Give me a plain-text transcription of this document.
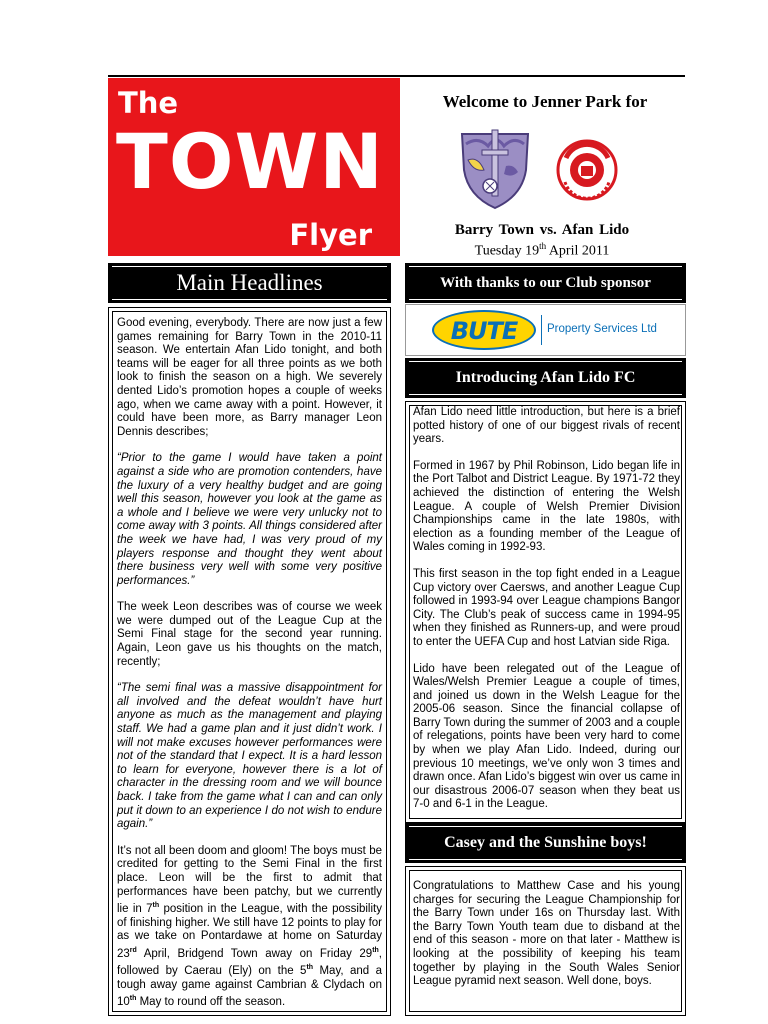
The
TOWN
Flyer
Welcome to Jenner Park for
Barry Town vs. Afan Lido
Tuesday 19th April 2011
Main Headlines

Good evening, everybody. There are now just a few games remaining for Barry Town in the 2010-11 season. We entertain Afan Lido tonight, and both teams will be eager for all three points as we both look to finish the season on a high. We severely dented Lido’s promotion hopes a couple of weeks ago, when we came away with a point. However, it could have been more, as Barry manager Leon Dennis describes;

“Prior to the game I would have taken a point against a side who are promotion contenders, have the luxury of a very healthy budget and are going well this season, however you look at the game as a whole and I believe we were very unlucky not to come away with 3 points. All things considered after the week we have had, I was very proud of my players response and thought they went about there business very well with some very positive performances.”

The week Leon describes was of course we week we were dumped out of the League Cup at the Semi Final stage for the second year running. Again, Leon gave us his thoughts on the match, recently;

“The semi final was a massive disappointment for all involved and the defeat wouldn’t have hurt anyone as much as the management and playing staff. We had a game plan and it just didn’t work. I will not make excuses however performances were not of the standard that I expect. It is a hard lesson to learn for everyone, however there is a lot of character in the dressing room and we will bounce back. I take from the game what I can and can only put it down to an experience I do not wish to endure again.”

It’s not all been doom and gloom! The boys must be credited for getting to the Semi Final in the first place. Leon will be the first to admit that performances have been patchy, but we currently lie in 7th position in the League, with the possibility of finishing higher. We still have 12 points to play for as we take on Pontardawe at home on Saturday 23rd April, Bridgend Town away on Friday 29th, followed by Caerau (Ely) on the 5th May, and a tough away game against Cambrian & Clydach on 10th May to round off the season.

With thanks to our Club sponsor
BUTE	Property Services Ltd
Introducing Afan Lido FC

Afan Lido need little introduction, but here is a brief potted history of one of our biggest rivals of recent years.

Formed in 1967 by Phil Robinson, Lido began life in the Port Talbot and District League. By 1971-72 they achieved the distinction of entering the Welsh League. A couple of Welsh Premier Division Championships came in the late 1980s, with election as a founding member of the League of Wales coming in 1992-93.

This first season in the top fight ended in a League Cup victory over Caersws, and another League Cup followed in 1993-94 over League champions Bangor City. The Club’s peak of success came in 1994-95 when they finished as Runners-up, and were proud to enter the UEFA Cup and host Latvian side Riga.

Lido have been relegated out of the League of Wales/Welsh Premier League a couple of times, and joined us down in the Welsh League for the 2005-06 season. Since the financial collapse of Barry Town during the summer of 2003 and a couple of relegations, points have been very hard to come by when we play Afan Lido. Indeed, during our previous 10 meetings, we’ve only won 3 times and drawn once. Afan Lido’s biggest win over us came in our disastrous 2006-07 season when they beat us 7-0 and 6-1 in the League.

Casey and the Sunshine boys!

Congratulations to Matthew Case and his young charges for securing the League Championship for the Barry Town under 16s on Thursday last. With the Barry Town Youth team due to disband at the end of this season - more on that later - Matthew is looking at the possibility of keeping his team together by playing in the South Wales Senior League pyramid next season. Well done, boys.
